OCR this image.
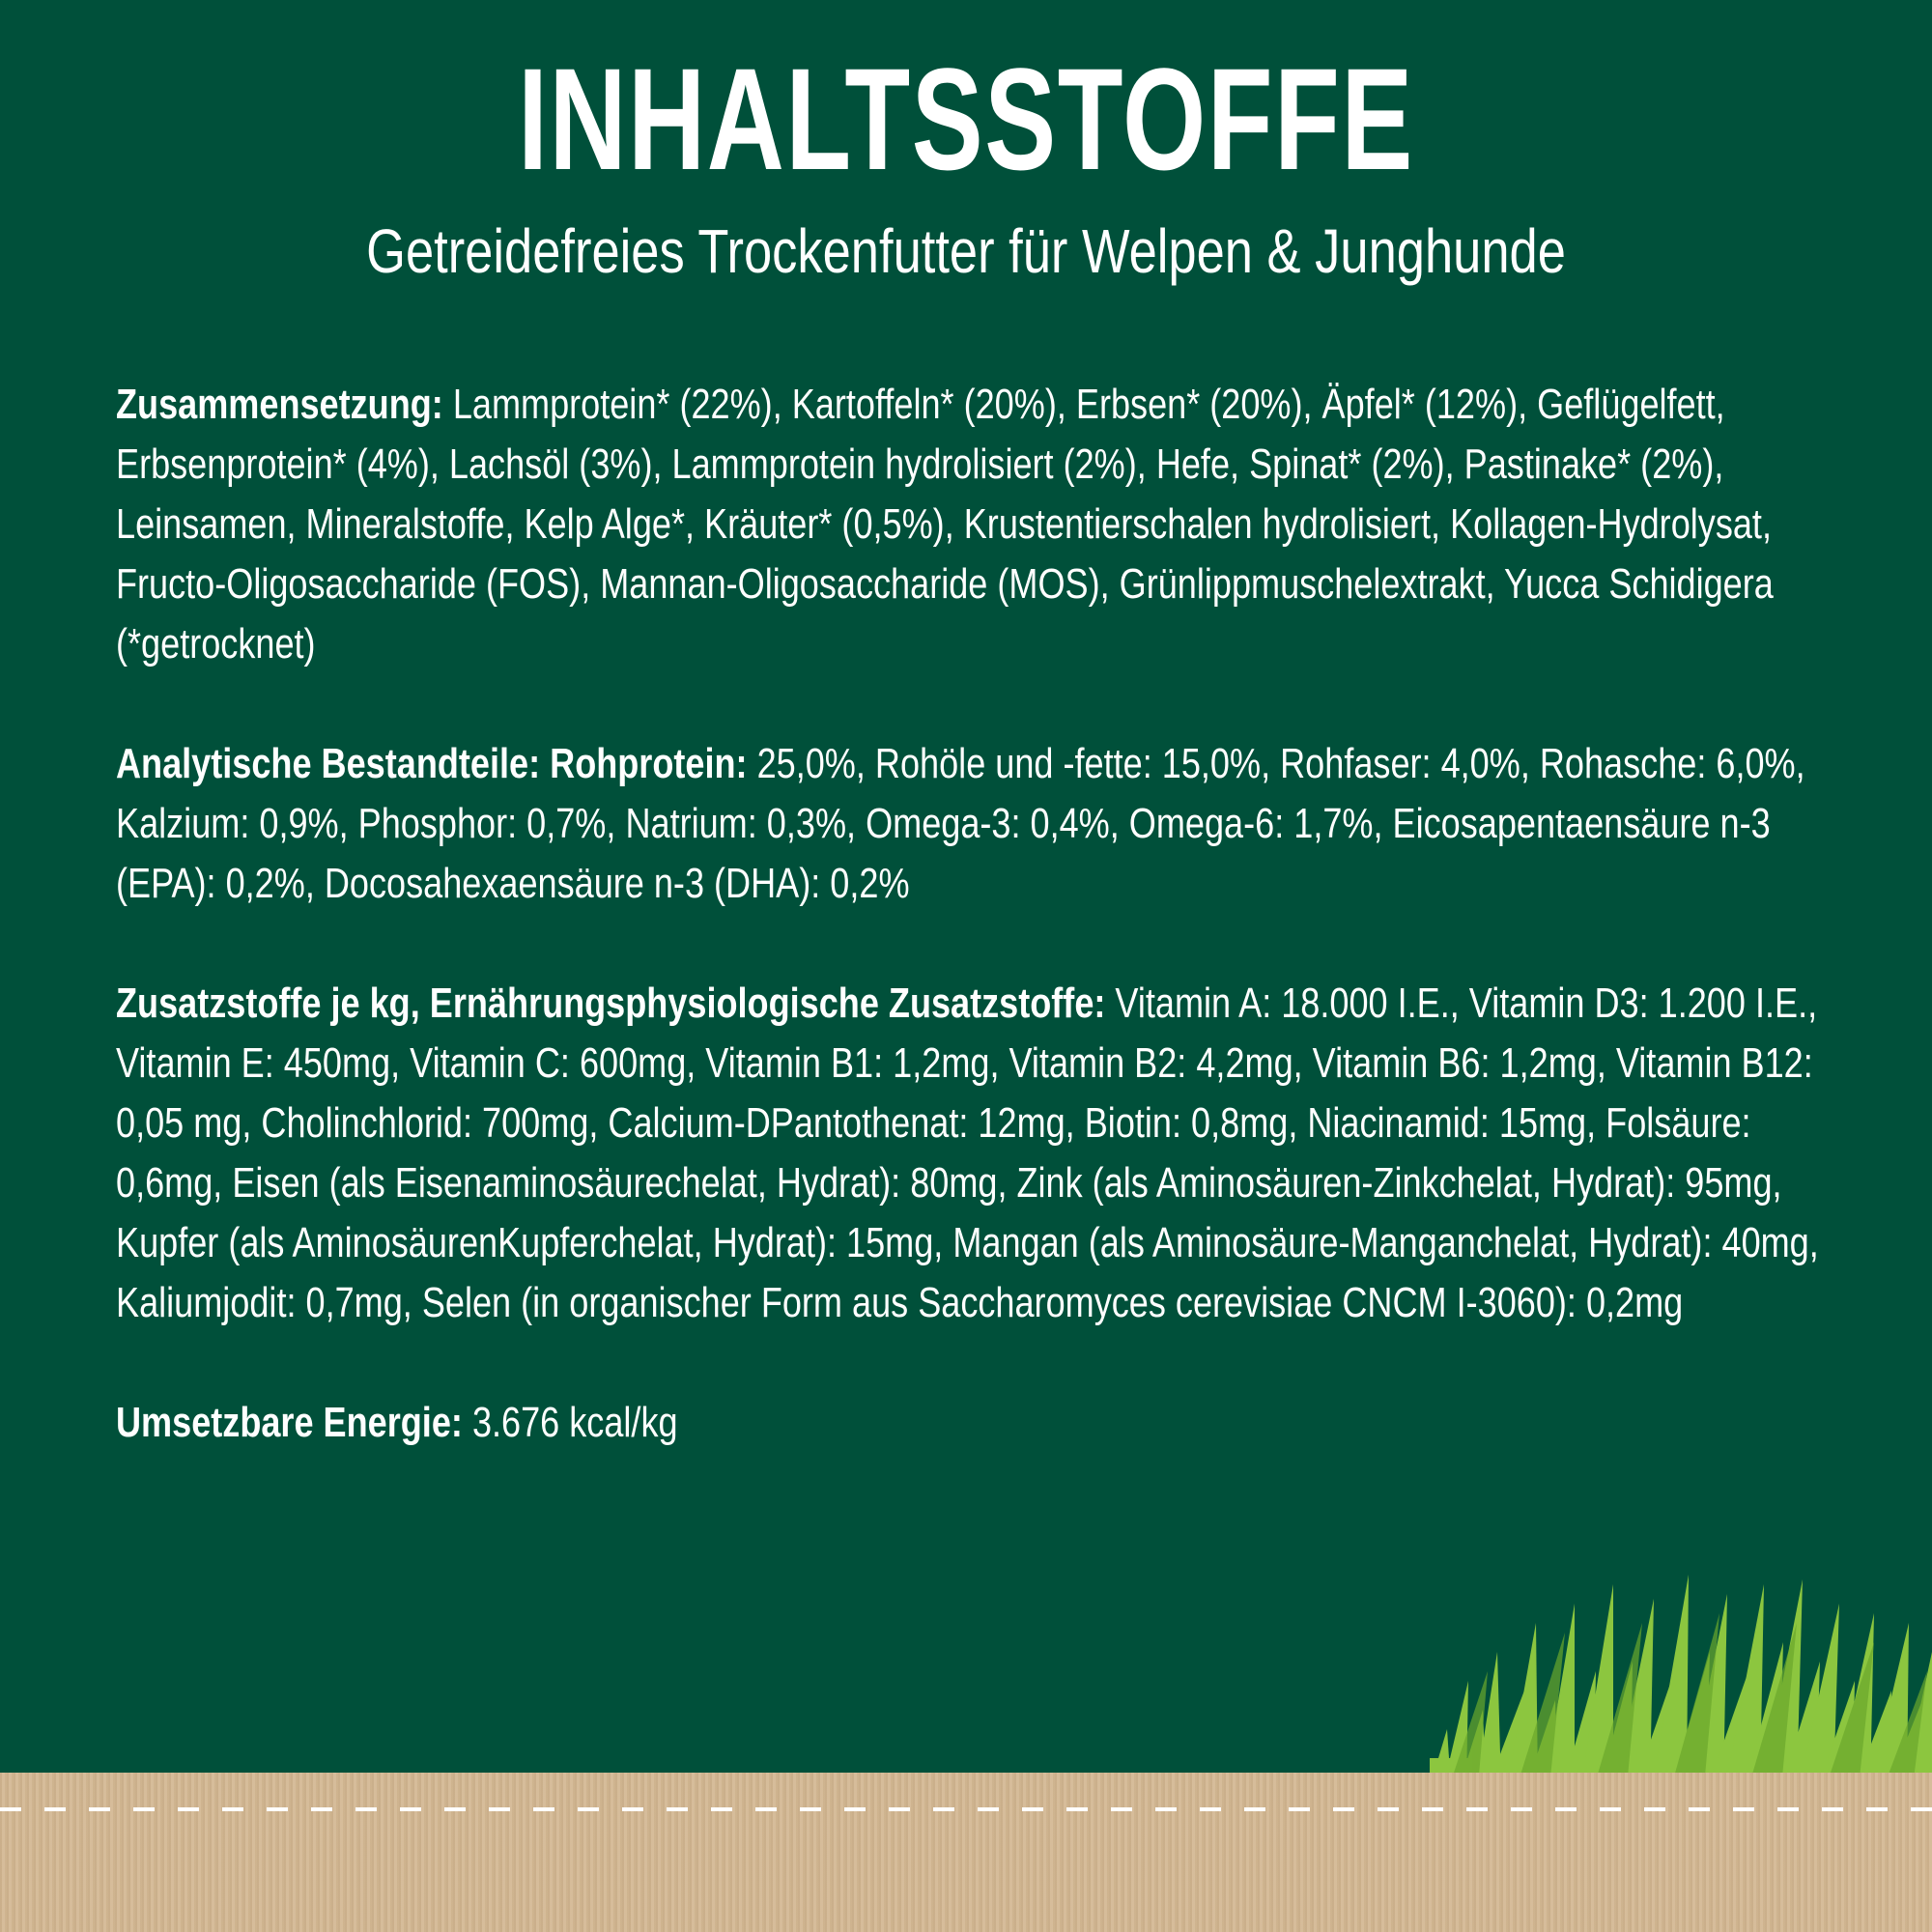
INHALTSSTOFFE
Getreidefreies Trockenfutter für Welpen & Junghunde

Zusammensetzung: Lammprotein* (22%), Kartoffeln* (20%), Erbsen* (20%), Äpfel* (12%), Geflügelfett, Erbsenprotein* (4%), Lachsöl (3%), Lammprotein hydrolisiert (2%), Hefe, Spinat* (2%), Pastinake* (2%), Leinsamen, Mineralstoffe, Kelp Alge*, Kräuter* (0,5%), Krustentierschalen hydrolisiert, Kollagen-Hydrolysat, Fructo-Oligosaccharide (FOS), Mannan-Oligosaccharide (MOS), Grünlippmuschelextrakt, Yucca Schidigera (*getrocknet)

Analytische Bestandteile: Rohprotein: 25,0%, Rohöle und -fette: 15,0%, Rohfaser: 4,0%, Rohasche: 6,0%, Kalzium: 0,9%, Phosphor: 0,7%, Natrium: 0,3%, Omega-3: 0,4%, Omega-6: 1,7%, Eicosapentaensäure n-3 (EPA): 0,2%, Docosahexaensäure n-3 (DHA): 0,2%

Zusatzstoffe je kg, Ernährungsphysiologische Zusatzstoffe: Vitamin A: 18.000 I.E., Vitamin D3: 1.200 I.E., Vitamin E: 450mg, Vitamin C: 600mg, Vitamin B1: 1,2mg, Vitamin B2: 4,2mg, Vitamin B6: 1,2mg, Vitamin B12: 0,05 mg, Cholinchlorid: 700mg, Calcium-DPantothenat: 12mg, Biotin: 0,8mg, Niacinamid: 15mg, Folsäure: 0,6mg, Eisen (als Eisenaminosäurechelat, Hydrat): 80mg, Zink (als Aminosäuren-Zinkchelat, Hydrat): 95mg, Kupfer (als AminosäurenKupferchelat, Hydrat): 15mg, Mangan (als Aminosäure-Manganchelat, Hydrat): 40mg, Kaliumjodit: 0,7mg, Selen (in organischer Form aus Saccharomyces cerevisiae CNCM I-3060): 0,2mg

Umsetzbare Energie: 3.676 kcal/kg
